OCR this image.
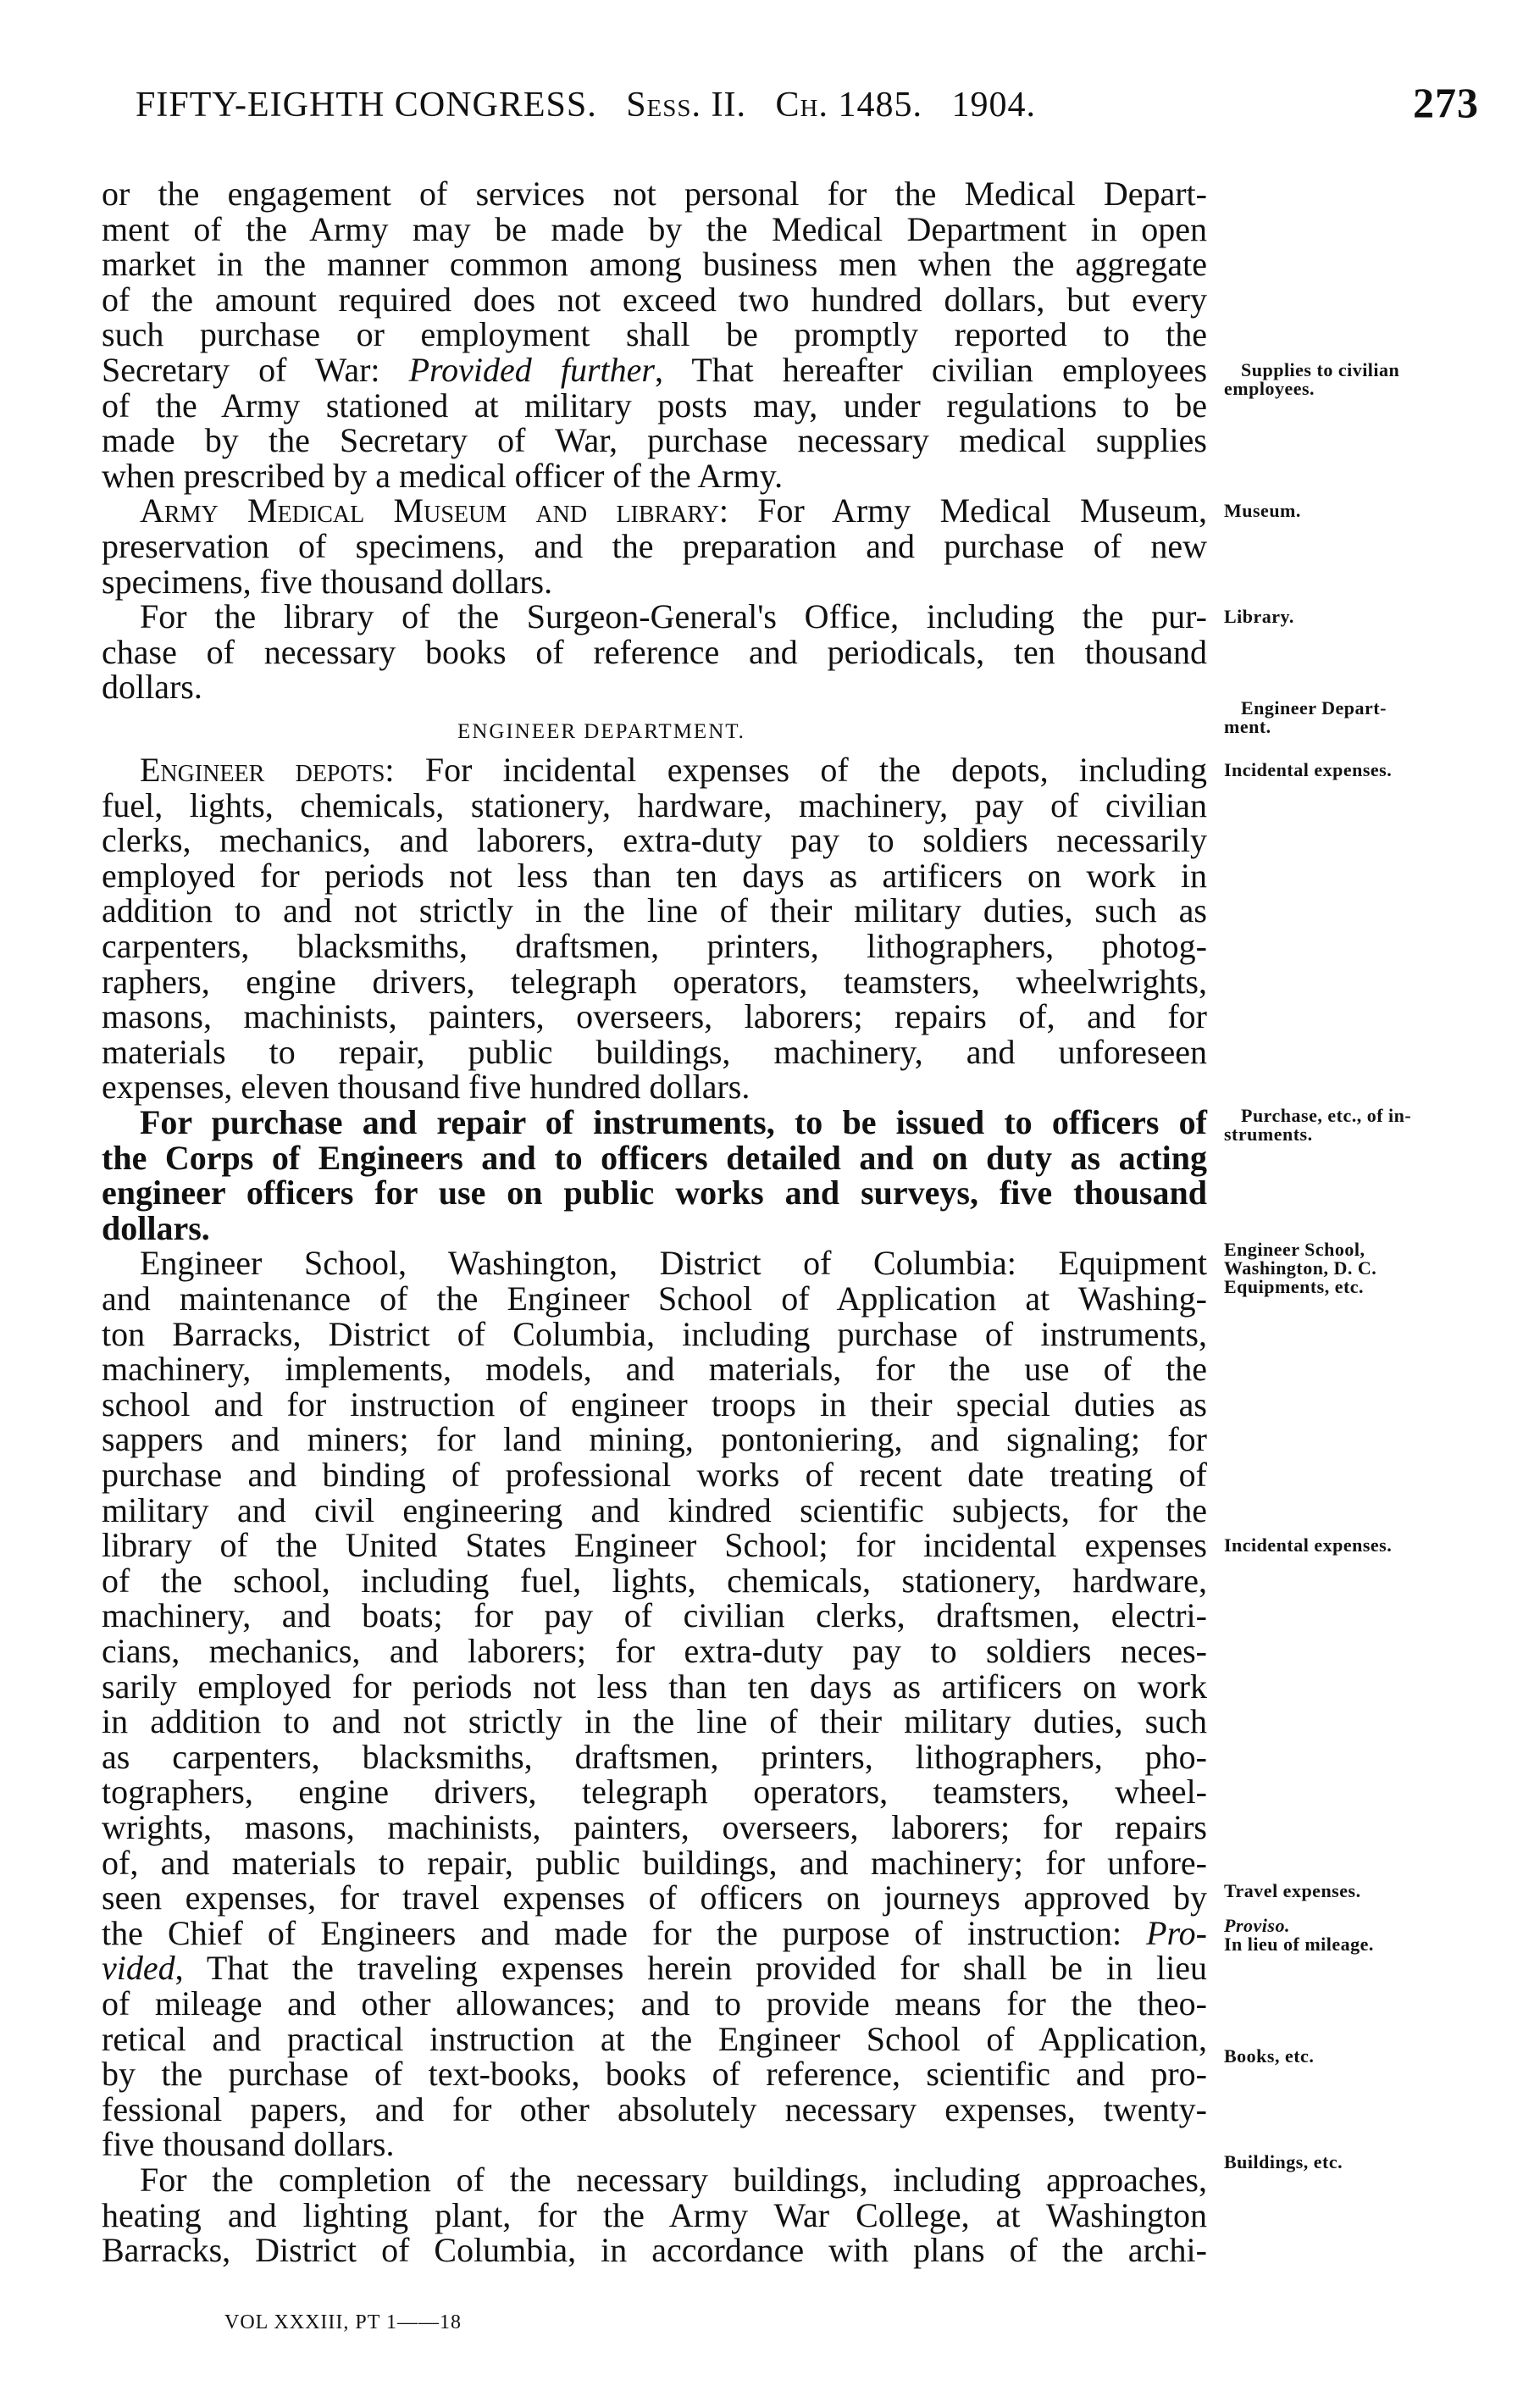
FIFTY-EIGHTH CONGRESS. Sess. II. Ch. 1485. 1904.	273
ENGINEER DEPARTMENT.
or the engagement of services not personal for the Medical Depart-
ment of the Army may be made by the Medical Department in open
market in the manner common among business men when the aggregate
of the amount required does not exceed two hundred dollars, but every
such purchase or employment shall be promptly reported to the
Secretary of War: Provided further, That hereafter civilian employees
of the Army stationed at military posts may, under regulations to be
made by the Secretary of War, purchase necessary medical supplies
when prescribed by a medical officer of the Army.
Army Medical Museum and library: For Army Medical Museum,
preservation of specimens, and the preparation and purchase of new
specimens, five thousand dollars.
For the library of the Surgeon-General's Office, including the pur-
chase of necessary books of reference and periodicals, ten thousand
dollars.
Engineer depots: For incidental expenses of the depots, including
fuel, lights, chemicals, stationery, hardware, machinery, pay of civilian
clerks, mechanics, and laborers, extra-duty pay to soldiers necessarily
employed for periods not less than ten days as artificers on work in
addition to and not strictly in the line of their military duties, such as
carpenters, blacksmiths, draftsmen, printers, lithographers, photog-
raphers, engine drivers, telegraph operators, teamsters, wheelwrights,
masons, machinists, painters, overseers, laborers; repairs of, and for
materials to repair, public buildings, machinery, and unforeseen
expenses, eleven thousand five hundred dollars.
For purchase and repair of instruments, to be issued to officers of
the Corps of Engineers and to officers detailed and on duty as acting
engineer officers for use on public works and surveys, five thousand
dollars.
Engineer School, Washington, District of Columbia: Equipment
and maintenance of the Engineer School of Application at Washing-
ton Barracks, District of Columbia, including purchase of instruments,
machinery, implements, models, and materials, for the use of the
school and for instruction of engineer troops in their special duties as
sappers and miners; for land mining, pontoniering, and signaling; for
purchase and binding of professional works of recent date treating of
military and civil engineering and kindred scientific subjects, for the
library of the United States Engineer School; for incidental expenses
of the school, including fuel, lights, chemicals, stationery, hardware,
machinery, and boats; for pay of civilian clerks, draftsmen, electri-
cians, mechanics, and laborers; for extra-duty pay to soldiers neces-
sarily employed for periods not less than ten days as artificers on work
in addition to and not strictly in the line of their military duties, such
as carpenters, blacksmiths, draftsmen, printers, lithographers, pho-
tographers, engine drivers, telegraph operators, teamsters, wheel-
wrights, masons, machinists, painters, overseers, laborers; for repairs
of, and materials to repair, public buildings, and machinery; for unfore-
seen expenses, for travel expenses of officers on journeys approved by
the Chief of Engineers and made for the purpose of instruction: Pro-
vided, That the traveling expenses herein provided for shall be in lieu
of mileage and other allowances; and to provide means for the theo-
retical and practical instruction at the Engineer School of Application,
by the purchase of text-books, books of reference, scientific and pro-
fessional papers, and for other absolutely necessary expenses, twenty-
five thousand dollars.
For the completion of the necessary buildings, including approaches,
heating and lighting plant, for the Army War College, at Washington
Barracks, District of Columbia, in accordance with plans of the archi-
Supplies to civilian
employees.
Museum.
Library.
Engineer Depart-
ment.
Incidental expenses.
Purchase, etc., of in-
struments.
Engineer School,
Washington, D. C.
Equipments, etc.
Incidental expenses.
Travel expenses.
Proviso.
In lieu of mileage.
Books, etc.
Buildings, etc.
VOL XXXIII, PT 1——18
